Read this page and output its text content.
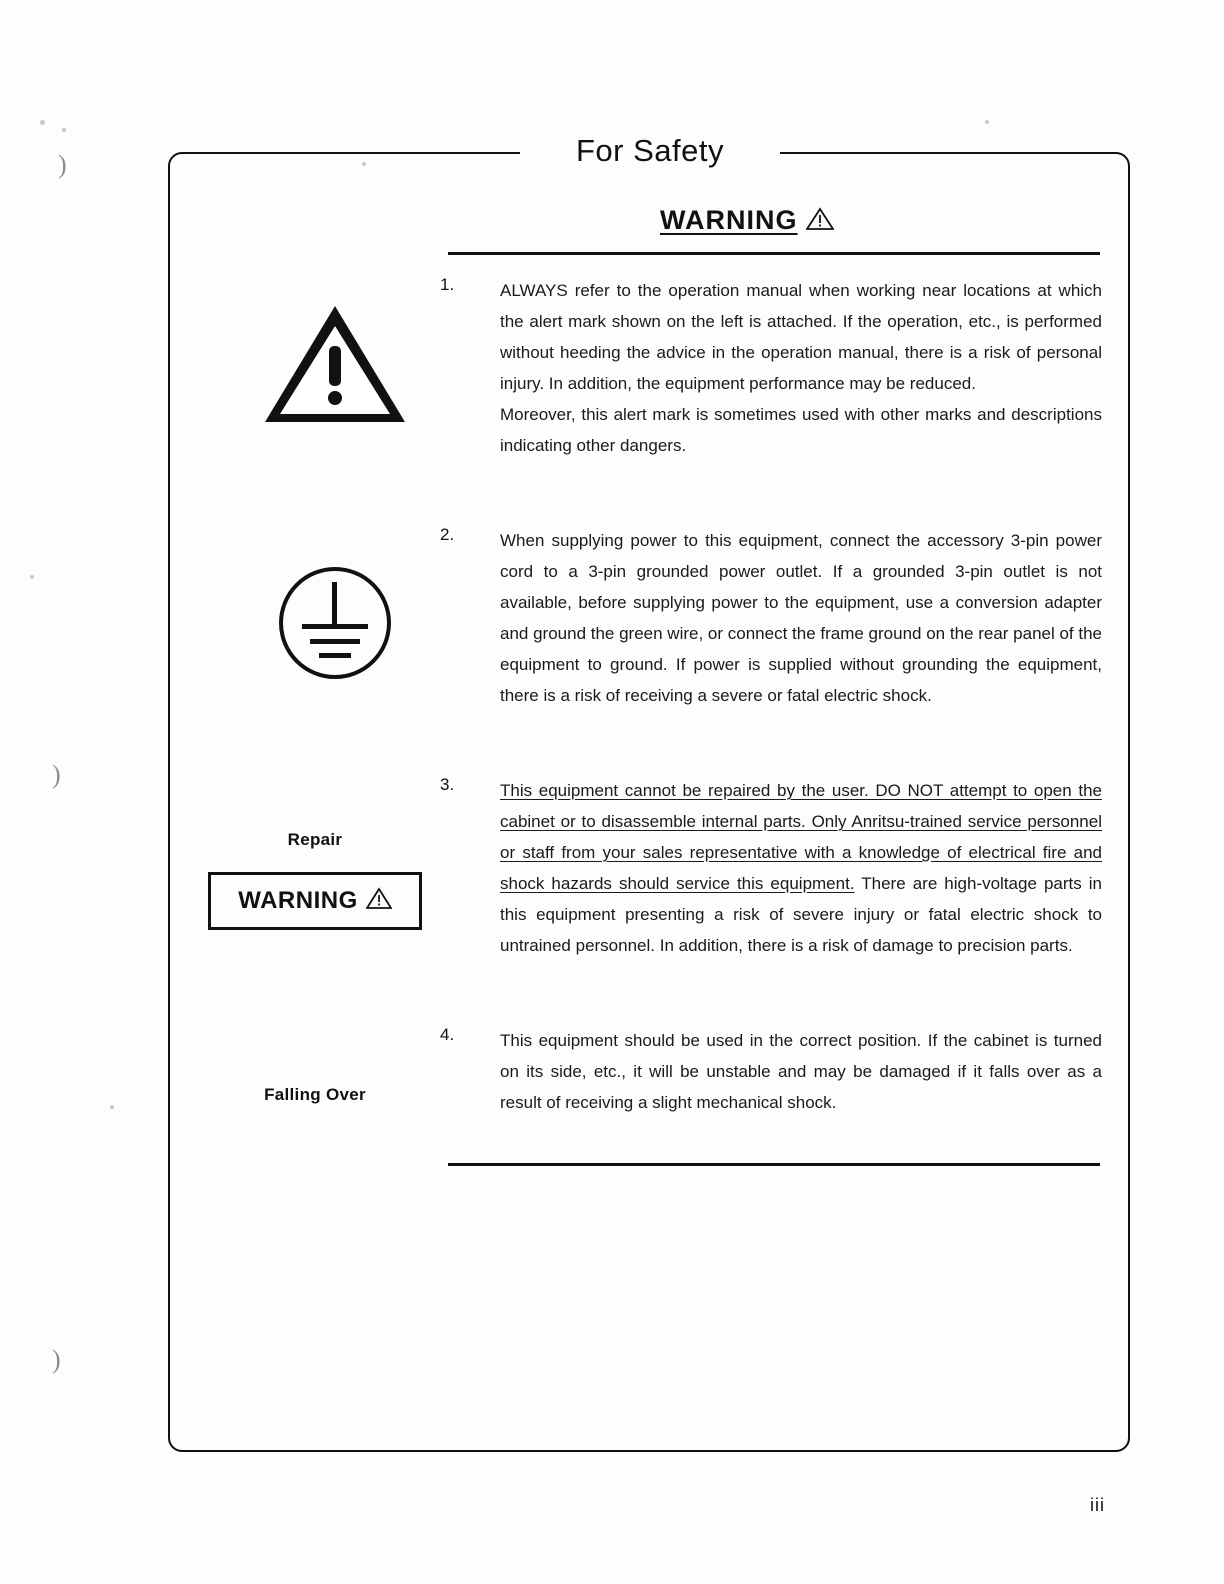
)
)
)
For Safety
WARNING
Repair
WARNING
Falling Over
1.	ALWAYS refer to the operation manual when working near locations at which the alert mark shown on the left is attached. If the operation, etc., is performed without heeding the advice in the operation manual, there is a risk of personal injury. In addition, the equipment performance may be reduced.
Moreover, this alert mark is sometimes used with other marks and descriptions indicating other dangers.
2.	When supplying power to this equipment, connect the accessory 3-pin power cord to a 3-pin grounded power outlet. If a grounded 3-pin outlet is not available, before supplying power to the equipment, use a conversion adapter and ground the green wire, or connect the frame ground on the rear panel of the equipment to ground. If power is supplied without grounding the equipment, there is a risk of receiving a severe or fatal electric shock.
3.	This equipment cannot be repaired by the user. DO NOT attempt to open the cabinet or to disassemble internal parts. Only Anritsu-trained service personnel or staff from your sales representative with a knowledge of electrical fire and shock hazards should service this equipment. There are high-voltage parts in this equipment presenting a risk of severe injury or fatal electric shock to untrained personnel. In addition, there is a risk of damage to precision parts.
4.	This equipment should be used in the correct position. If the cabinet is turned on its side, etc., it will be unstable and may be damaged if it falls over as a result of receiving a slight mechanical shock.
iii
